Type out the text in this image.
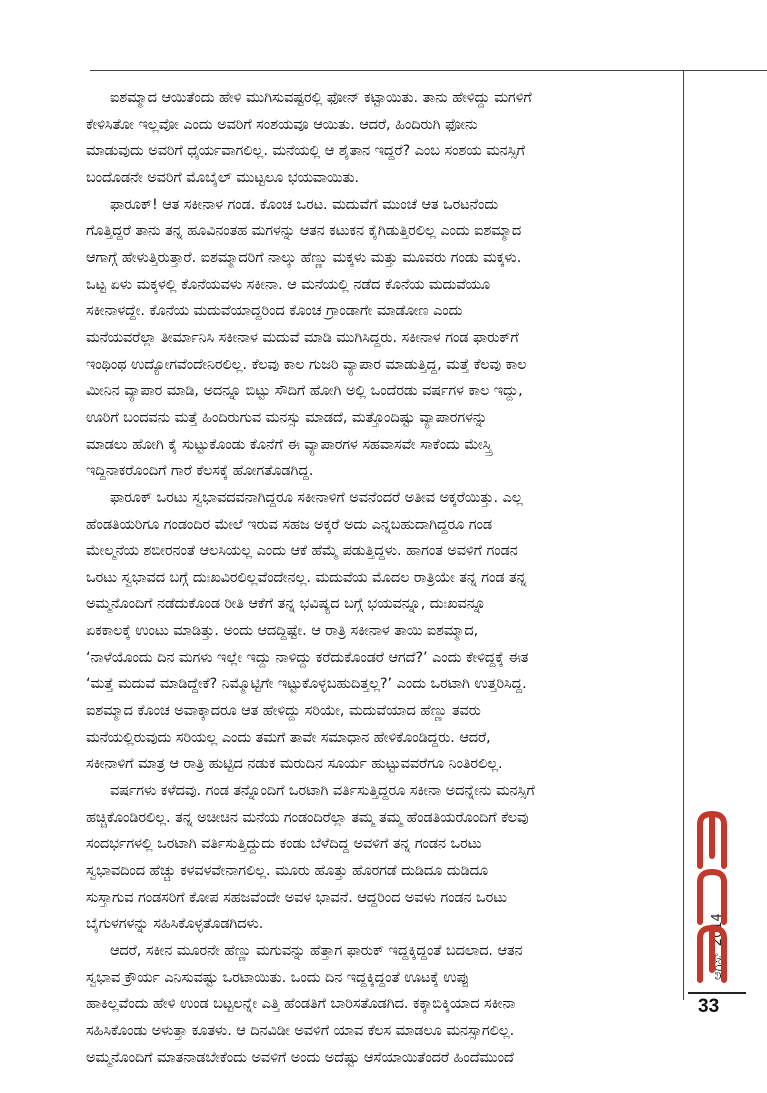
ಐಶಮ್ಮಾದ ಆಯಿತೆಂದು ಹೇಳಿ ಮುಗಿಸುವಷ್ಟರಲ್ಲಿ ಫೋನ್ ಕಟ್ಟಾಯಿತು. ತಾನು ಹೇಳಿದ್ದು ಮಗಳಿಗೆ
ಕೇಳಿಸಿತೋ ಇಲ್ಲವೋ ಎಂದು ಅವರಿಗೆ ಸಂಶಯವೂ ಆಯಿತು. ಆದರೆ, ಹಿಂದಿರುಗಿ ಫೋನು
ಮಾಡುವುದು ಅವರಿಗೆ ಧೈರ್ಯವಾಗಲಿಲ್ಲ. ಮನೆಯಲ್ಲಿ ಆ ಶೈತಾನ ಇದ್ದರೆ? ಎಂಬ ಸಂಶಯ ಮನಸ್ಸಿಗೆ
ಬಂದೊಡನೇ ಅವರಿಗೆ ಮೊಬೈಲ್ ಮುಟ್ಟಲೂ ಭಯವಾಯಿತು.

ಫಾರೂಕ್! ಆತ ಸಕೀನಾಳ ಗಂಡ. ಕೊಂಚ ಒರಟ. ಮದುವೆಗೆ ಮುಂಚೆ ಆತ ಒರಟನೆಂದು
ಗೊತ್ತಿದ್ದರೆ ತಾನು ತನ್ನ ಹೂವಿನಂತಹ ಮಗಳನ್ನು ಆತನ ಕಟುಕನ ಕೈಗಿಡುತ್ತಿರಲಿಲ್ಲ ಎಂದು ಐಶಮ್ಮಾದ
ಆಗಾಗ್ಗೆ ಹೇಳುತ್ತಿರುತ್ತಾರೆ. ಐಶಮ್ಮಾದರಿಗೆ ನಾಲ್ಕು ಹೆಣ್ಣು ಮಕ್ಕಳು ಮತ್ತು ಮೂವರು ಗಂಡು ಮಕ್ಕಳು.
ಒಟ್ಟ ಏಳು ಮಕ್ಕಳಲ್ಲಿ ಕೊನೆಯವಳು ಸಕೀನಾ. ಆ ಮನೆಯಲ್ಲಿ ನಡೆದ ಕೊನೆಯ ಮದುವೆಯೂ
ಸಕೀನಾಳದ್ದೇ. ಕೊನೆಯ ಮದುವೆಯಾದ್ದರಿಂದ ಕೊಂಚ ಗ್ರಾಂಡಾಗೇ ಮಾಡೋಣ ಎಂದು
ಮನೆಯವರೆಲ್ಲಾ ತೀರ್ಮಾನಿಸಿ ಸಕೀನಾಳ ಮದುವೆ ಮಾಡಿ ಮುಗಿಸಿದ್ದರು. ಸಕೀನಾಳ ಗಂಡ ಫಾರುಕ್‌ಗೆ
ಇಂಥಿಂಥ ಉದ್ಯೋಗವೆಂದೇನಿರಲಿಲ್ಲ. ಕೆಲವು ಕಾಲ ಗುಜರಿ ವ್ಯಾಪಾರ ಮಾಡುತ್ತಿದ್ದ, ಮತ್ತೆ ಕೆಲವು ಕಾಲ
ಮೀನಿನ ವ್ಯಾಪಾರ ಮಾಡಿ, ಅದನ್ನೂ ಬಿಟ್ಟು ಸೌದಿಗೆ ಹೋಗಿ ಅಲ್ಲಿ ಒಂದೆರಡು ವರ್ಷಗಳ ಕಾಲ ಇದ್ದು,
ಊರಿಗೆ ಬಂದವನು ಮತ್ತೆ ಹಿಂದಿರುಗುವ ಮನಸ್ಸು ಮಾಡದೆ, ಮತ್ತೊಂದಿಷ್ಟು ವ್ಯಾಪಾರಗಳನ್ನು
ಮಾಡಲು ಹೋಗಿ ಕೈ ಸುಟ್ಟುಕೊಂಡು ಕೊನೆಗೆ ಈ ವ್ಯಾಪಾರಗಳ ಸಹವಾಸವೇ ಸಾಕೆಂದು ಮೇಸ್ತ್ರಿ
ಇದ್ದಿನಾಕರೊಂದಿಗೆ ಗಾರೆ ಕೆಲಸಕ್ಕೆ ಹೋಗತೊಡಗಿದ್ದ.

ಫಾರೂಕ್ ಒರಟು ಸ್ವಭಾವದವನಾಗಿದ್ದರೂ ಸಕೀನಾಳಿಗೆ ಅವನೆಂದರೆ ಅತೀವ ಅಕ್ಕರೆಯಿತ್ತು. ಎಲ್ಲ
ಹೆಂಡತಿಯರಿಗೂ ಗಂಡಂದಿರ ಮೇಲೆ ಇರುವ ಸಹಜ ಅಕ್ಕರೆ ಅದು ಎನ್ನಬಹುದಾಗಿದ್ದರೂ ಗಂಡ
ಮೇಲ್ಮನೆಯ ಶಬೀರನಂತೆ ಆಲಸಿಯಲ್ಲ ಎಂದು ಆಕೆ ಹೆಮ್ಮೆ ಪಡುತ್ತಿದ್ದಳು. ಹಾಗಂತ ಅವಳಿಗೆ ಗಂಡನ
ಒರಟು ಸ್ವಭಾವದ ಬಗ್ಗೆ ದುಃಖವಿರಲಿಲ್ಲವೆಂದೇನಲ್ಲ. ಮದುವೆಯ ಮೊದಲ ರಾತ್ರಿಯೇ ತನ್ನ ಗಂಡ ತನ್ನ
ಅಮ್ಮನೊಂದಿಗೆ ನಡೆದುಕೊಂಡ ರೀತಿ ಆಕೆಗೆ ತನ್ನ ಭವಿಷ್ಯದ ಬಗ್ಗೆ ಭಯವನ್ನೂ, ದುಃಖವನ್ನೂ
ಏಕಕಾಲಕ್ಕೆ ಉಂಟು ಮಾಡಿತ್ತು. ಅಂದು ಆದದ್ದಿಷ್ಟೇ. ಆ ರಾತ್ರಿ ಸಕೀನಾಳ ತಾಯಿ ಐಶಮ್ಮಾದ,
‘ನಾಳೆಯೊಂದು ದಿನ ಮಗಳು ಇಲ್ಲೇ ಇದ್ದು ನಾಳಿದ್ದು ಕರೆದುಕೊಂಡರೆ ಆಗದೆ?’ ಎಂದು ಕೇಳಿದ್ದಕ್ಕೆ ಈತ
‘ಮತ್ತೆ ಮದುವೆ ಮಾಡಿದ್ದೇಕೆ? ನಿಮ್ಮೊಟ್ಟಿಗೇ ಇಟ್ಟುಕೊಳ್ಳಬಹುದಿತ್ತಲ್ಲ?’ ಎಂದು ಒರಟಾಗಿ ಉತ್ತರಿಸಿದ್ದ.
ಐಶಮ್ಮಾದ ಕೊಂಚ ಅವಾಕ್ಕಾದರೂ ಆತ ಹೇಳಿದ್ದು ಸರಿಯೇ, ಮದುವೆಯಾದ ಹೆಣ್ಣು ತವರು
ಮನೆಯಲ್ಲಿರುವುದು ಸರಿಯಲ್ಲ ಎಂದು ತಮಗೆ ತಾವೇ ಸಮಾಧಾನ ಹೇಳಿಕೊಂಡಿದ್ದರು. ಆದರೆ,
ಸಕೀನಾಳಿಗೆ ಮಾತ್ರ ಆ ರಾತ್ರಿ ಹುಟ್ಟಿದ ನಡುಕ ಮರುದಿನ ಸೂರ್ಯ ಹುಟ್ಟುವವರೆಗೂ ನಿಂತಿರಲಿಲ್ಲ.

ವರ್ಷಗಳು ಕಳೆದವು. ಗಂಡ ತನ್ನೊಂದಿಗೆ ಒರಟಾಗಿ ವರ್ತಿಸುತ್ತಿದ್ದರೂ ಸಕೀನಾ ಅದನ್ನೇನು ಮನಸ್ಸಿಗೆ
ಹಚ್ಚಿಕೊಂಡಿರಲಿಲ್ಲ. ತನ್ನ ಅಚೀಚಿನ ಮನೆಯ ಗಂಡಂದಿರೆಲ್ಲಾ ತಮ್ಮ ತಮ್ಮ ಹೆಂಡತಿಯರೊಂದಿಗೆ ಕೆಲವು
ಸಂದರ್ಭಗಳಲ್ಲಿ ಒರಟಾಗಿ ವರ್ತಿಸುತ್ತಿದ್ದುದು ಕಂಡು ಬೆಳೆದಿದ್ದ ಅವಳಿಗೆ ತನ್ನ ಗಂಡನ ಒರಟು
ಸ್ವಭಾವದಿಂದ ಹೆಚ್ಚು ಕಳವಳವೇನಾಗಲಿಲ್ಲ. ಮೂರು ಹೊತ್ತು ಹೊರಗಡೆ ದುಡಿದೂ ದುಡಿದೂ
ಸುಸ್ತಾಗುವ ಗಂಡಸರಿಗೆ ಕೋಪ ಸಹಜವೆಂದೇ ಅವಳ ಭಾವನೆ. ಆದ್ದರಿಂದ ಅವಳು ಗಂಡನ ಒರಟು
ಬೈಗುಳಗಳನ್ನು ಸಹಿಸಿಕೊಳ್ಳತೊಡಗಿದಳು.

ಆದರೆ, ಸಕೀನ ಮೂರನೇ ಹೆಣ್ಣು ಮಗುವನ್ನು ಹೆತ್ತಾಗ ಫಾರುಕ್ ಇದ್ದಕ್ಕಿದ್ದಂತೆ ಬದಲಾದ. ಆತನ
ಸ್ವಭಾವ ಕ್ರೌರ್ಯ ಎನಿಸುವಷ್ಟು ಒರಟಾಯಿತು. ಒಂದು ದಿನ ಇದ್ದಕ್ಕಿದ್ದಂತೆ ಊಟಕ್ಕೆ ಉಪ್ಪು
ಹಾಕಿಲ್ಲವೆಂದು ಹೇಳಿ ಉಂಡ ಬಟ್ಟಲನ್ನೇ ಎತ್ತಿ ಹೆಂಡತಿಗೆ ಬಾರಿಸತೊಡಗಿದ. ಕಕ್ಕಾಬಿಕ್ಕಿಯಾದ ಸಕೀನಾ
ಸಹಿಸಿಕೊಂಡು ಅಳುತ್ತಾ ಕೂತಳು. ಆ ದಿನವಿಡೀ ಅವಳಿಗೆ ಯಾವ ಕೆಲಸ ಮಾಡಲೂ ಮನಸ್ಸಾಗಲಿಲ್ಲ.
ಅಮ್ಮನೊಂದಿಗೆ ಮಾತನಾಡಬೇಕೆಂದು ಅವಳಿಗೆ ಅಂದು ಅದೆಷ್ಟು ಆಸೆಯಾಯಿತೆಂದರೆ ಹಿಂದೆಮುಂದೆ

ಆಗಸ್ಟ್2014
33
